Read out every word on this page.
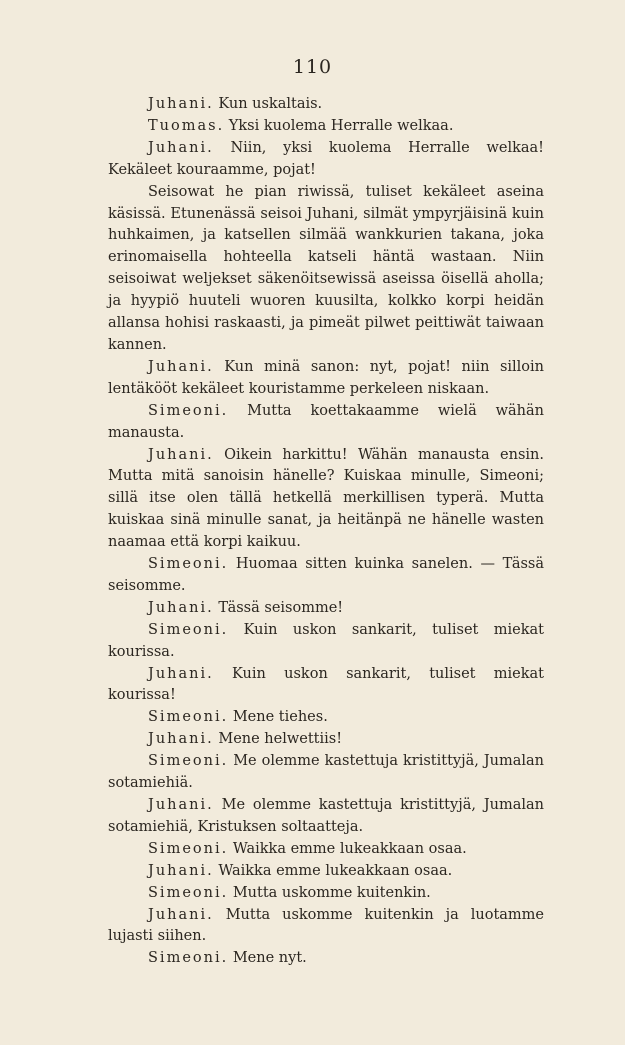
110

Juhani. Kun uskaltais.

Tuomas. Yksi kuolema Herralle welkaa.

Juhani. Niin, yksi kuolema Herralle welkaa! Kekäleet kouraamme, pojat!

Seisowat he pian riwissä, tuliset kekäleet aseina käsissä. Etunenässä seisoi Juhani, silmät ympyrjäisinä kuin huhkaimen, ja katsellen silmää wankkurien takana, joka erinomaisella hohteella katseli häntä wastaan. Niin seisoiwat weljekset säkenöitsewissä aseissa öisellä aholla; ja hyypiö huuteli wuoren kuusilta, kolkko korpi heidän allansa hohisi raskaasti, ja pimeät pilwet peittiwät taiwaan kannen.

Juhani. Kun minä sanon: nyt, pojat! niin silloin lentäkööt kekäleet kouristamme perkeleen niskaan.

Simeoni. Mutta koettakaamme wielä wähän manausta.

Juhani. Oikein harkittu! Wähän manausta ensin. Mutta mitä sanoisin hänelle? Kuiskaa minulle, Simeoni; sillä itse olen tällä hetkellä merkillisen typerä. Mutta kuiskaa sinä minulle sanat, ja heitänpä ne hänelle wasten naamaa että korpi kaikuu.

Simeoni. Huomaa sitten kuinka sanelen. — Tässä seisomme.

Juhani. Tässä seisomme!

Simeoni. Kuin uskon sankarit, tuliset miekat kourissa.

Juhani. Kuin uskon sankarit, tuliset miekat kourissa!

Simeoni. Mene tiehes.

Juhani. Mene helwettiis!

Simeoni. Me olemme kastettuja kristittyjä, Jumalan sotamiehiä.

Juhani. Me olemme kastettuja kristittyjä, Jumalan sotamiehiä, Kristuksen soltaatteja.

Simeoni. Waikka emme lukeakkaan osaa.

Juhani. Waikka emme lukeakkaan osaa.

Simeoni. Mutta uskomme kuitenkin.

Juhani. Mutta uskomme kuitenkin ja luotamme lujasti siihen.

Simeoni. Mene nyt.
